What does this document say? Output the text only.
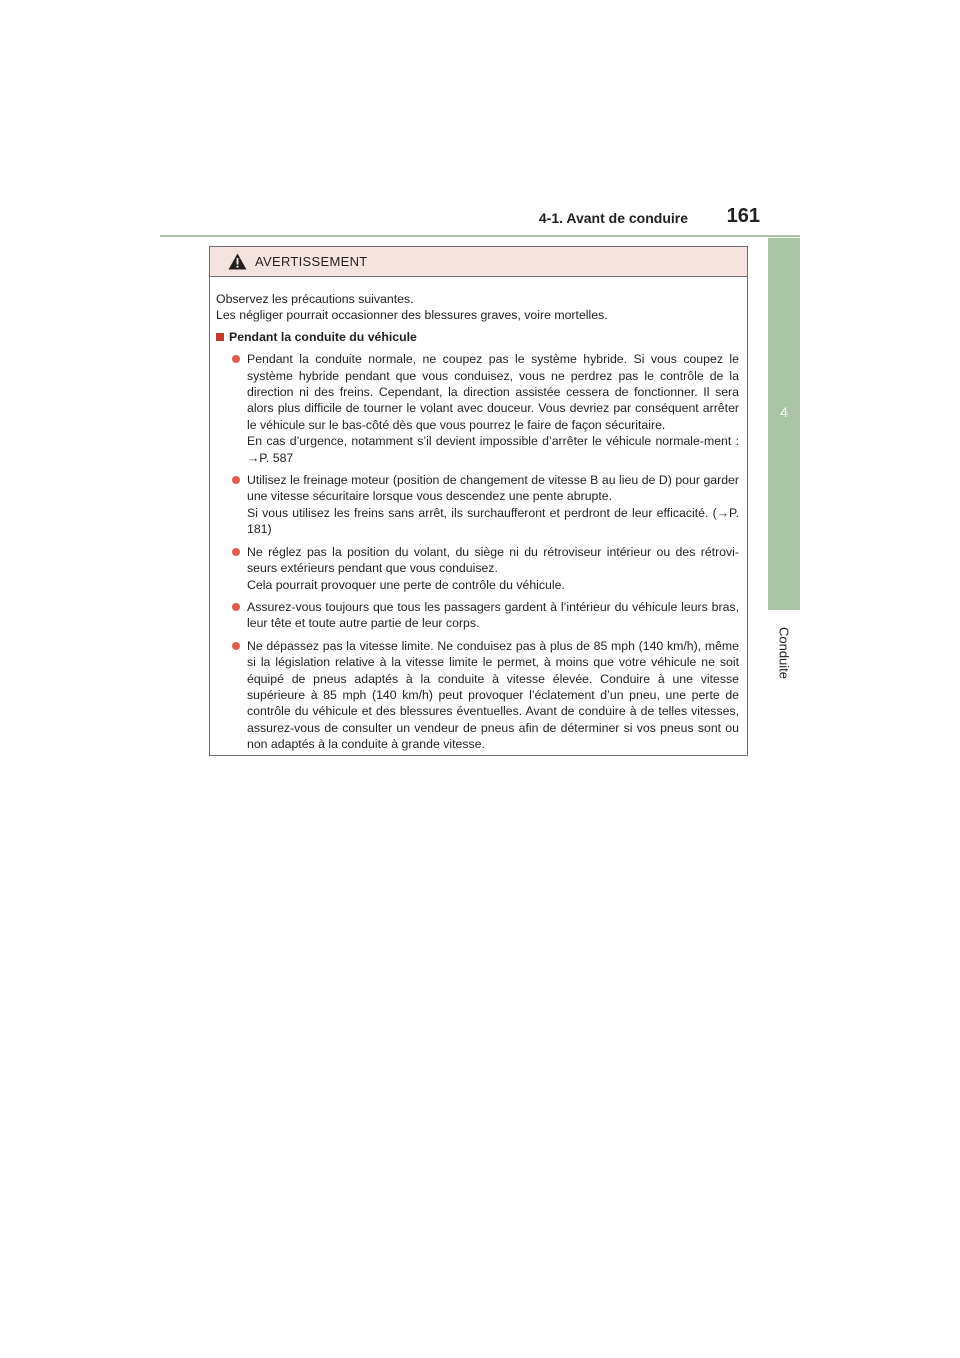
4-1. Avant de conduire 161
4
Conduite
AVERTISSEMENT

Observez les précautions suivantes.

Les négliger pourrait occasionner des blessures graves, voire mortelles.

Pendant la conduite du véhicule
Pendant la conduite normale, ne coupez pas le système hybride. Si vous coupez le système hybride pendant que vous conduisez, vous ne perdrez pas le contrôle de la direction ni des freins. Cependant, la direction assistée cessera de fonctionner. Il sera alors plus difficile de tourner le volant avec douceur. Vous devriez par conséquent arrêter le véhicule sur le bas-côté dès que vous pourrez le faire de façon sécuritaire.
En cas d’urgence, notamment s’il devient impossible d’arrêter le véhicule normale-ment : →P. 587
Utilisez le freinage moteur (position de changement de vitesse B au lieu de D) pour garder une vitesse sécuritaire lorsque vous descendez une pente abrupte.
Si vous utilisez les freins sans arrêt, ils surchaufferont et perdront de leur efficacité. (→P. 181)
Ne réglez pas la position du volant, du siège ni du rétroviseur intérieur ou des rétrovi-seurs extérieurs pendant que vous conduisez.
Cela pourrait provoquer une perte de contrôle du véhicule.
Assurez-vous toujours que tous les passagers gardent à l’intérieur du véhicule leurs bras, leur tête et toute autre partie de leur corps.
Ne dépassez pas la vitesse limite. Ne conduisez pas à plus de 85 mph (140 km/h), même si la législation relative à la vitesse limite le permet, à moins que votre véhicule ne soit équipé de pneus adaptés à la conduite à vitesse élevée. Conduire à une vitesse supérieure à 85 mph (140 km/h) peut provoquer l’éclatement d’un pneu, une perte de contrôle du véhicule et des blessures éventuelles. Avant de conduire à de telles vitesses, assurez-vous de consulter un vendeur de pneus afin de déterminer si vos pneus sont ou non adaptés à la conduite à grande vitesse.
